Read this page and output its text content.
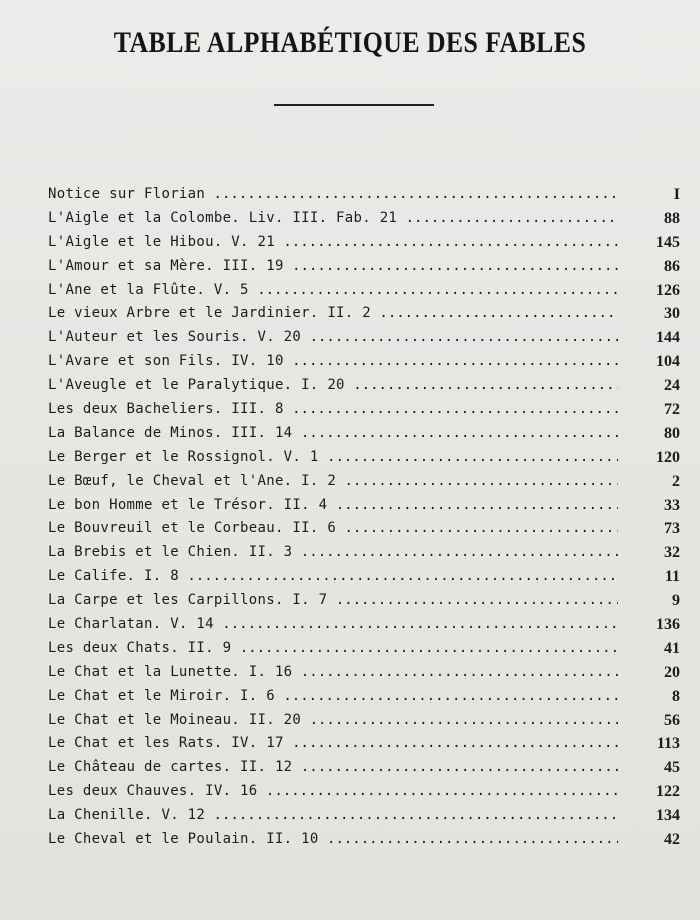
TABLE ALPHABÉTIQUE DES FABLES
Notice sur Florian .....	I
L'Aigle et la Colombe. Liv. III. Fab. 21 .....	88
L'Aigle et le Hibou. V. 21 .....	145
L'Amour et sa Mère. III. 19 .....	86
L'Ane et la Flûte. V. 5 .....	126
Le vieux Arbre et le Jardinier. II. 2 .....	30
L'Auteur et les Souris. V. 20 .....	144
L'Avare et son Fils. IV. 10 .....	104
L'Aveugle et le Paralytique. I. 20 .....	24
Les deux Bacheliers. III. 8 .....	72
La Balance de Minos. III. 14 .....	80
Le Berger et le Rossignol. V. 1 .....	120
Le Bœuf, le Cheval et l'Ane. I. 2 .....	2
Le bon Homme et le Trésor. II. 4 .....	33
Le Bouvreuil et le Corbeau. II. 6 .....	73
La Brebis et le Chien. II. 3 .....	32
Le Calife. I. 8 .....	11
La Carpe et les Carpillons. I. 7 .....	9
Le Charlatan. V. 14 .....	136
Les deux Chats. II. 9 .....	41
Le Chat et la Lunette. I. 16 .....	20
Le Chat et le Miroir. I. 6 .....	8
Le Chat et le Moineau. II. 20 .....	56
Le Chat et les Rats. IV. 17 .....	113
Le Château de cartes. II. 12 .....	45
Les deux Chauves. IV. 16 .....	122
La Chenille. V. 12 .....	134
Le Cheval et le Poulain. II. 10 .....	42
